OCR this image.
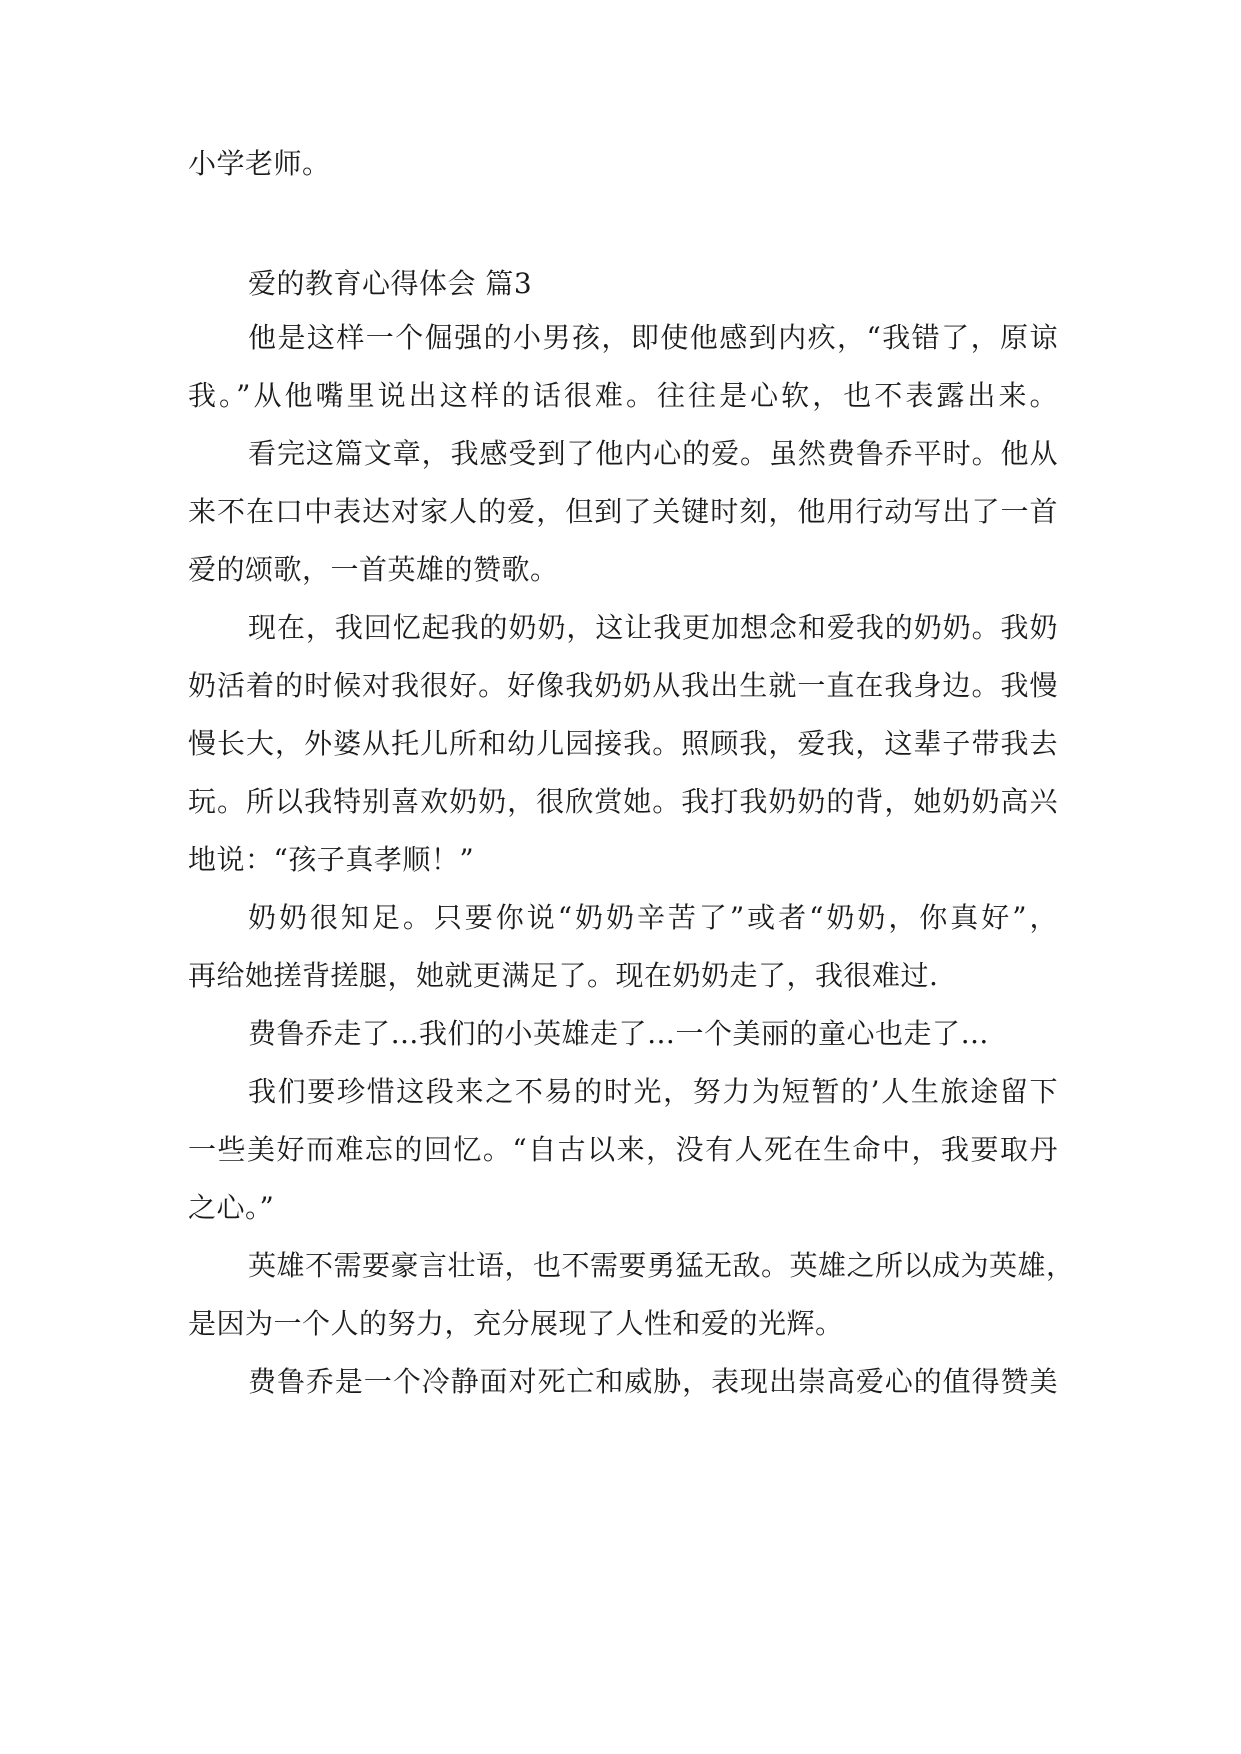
小学老师。
爱的教育心得体会 篇3
他是这样一个倔强的小男孩，即使他感到内疚，“我错了，原谅
我。”从他嘴里说出这样的话很难。往往是心软，也不表露出来。
看完这篇文章，我感受到了他内心的爱。虽然费鲁乔平时。他从
来不在口中表达对家人的爱，但到了关键时刻，他用行动写出了一首
爱的颂歌，一首英雄的赞歌。
现在，我回忆起我的奶奶，这让我更加想念和爱我的奶奶。我奶
奶活着的时候对我很好。好像我奶奶从我出生就一直在我身边。我慢
慢长大，外婆从托儿所和幼儿园接我。照顾我，爱我，这辈子带我去
玩。所以我特别喜欢奶奶，很欣赏她。我打我奶奶的背，她奶奶高兴
地说：“孩子真孝顺！”
奶奶很知足。只要你说“奶奶辛苦了”或者“奶奶，你真好”，
再给她搓背搓腿，她就更满足了。现在奶奶走了，我很难过.
费鲁乔走了…我们的小英雄走了…一个美丽的童心也走了…
我们要珍惜这段来之不易的时光，努力为短暂的’人生旅途留下
一些美好而难忘的回忆。“自古以来，没有人死在生命中，我要取丹
之心。”
英雄不需要豪言壮语，也不需要勇猛无敌。英雄之所以成为英雄，
是因为一个人的努力，充分展现了人性和爱的光辉。
费鲁乔是一个冷静面对死亡和威胁，表现出崇高爱心的值得赞美
